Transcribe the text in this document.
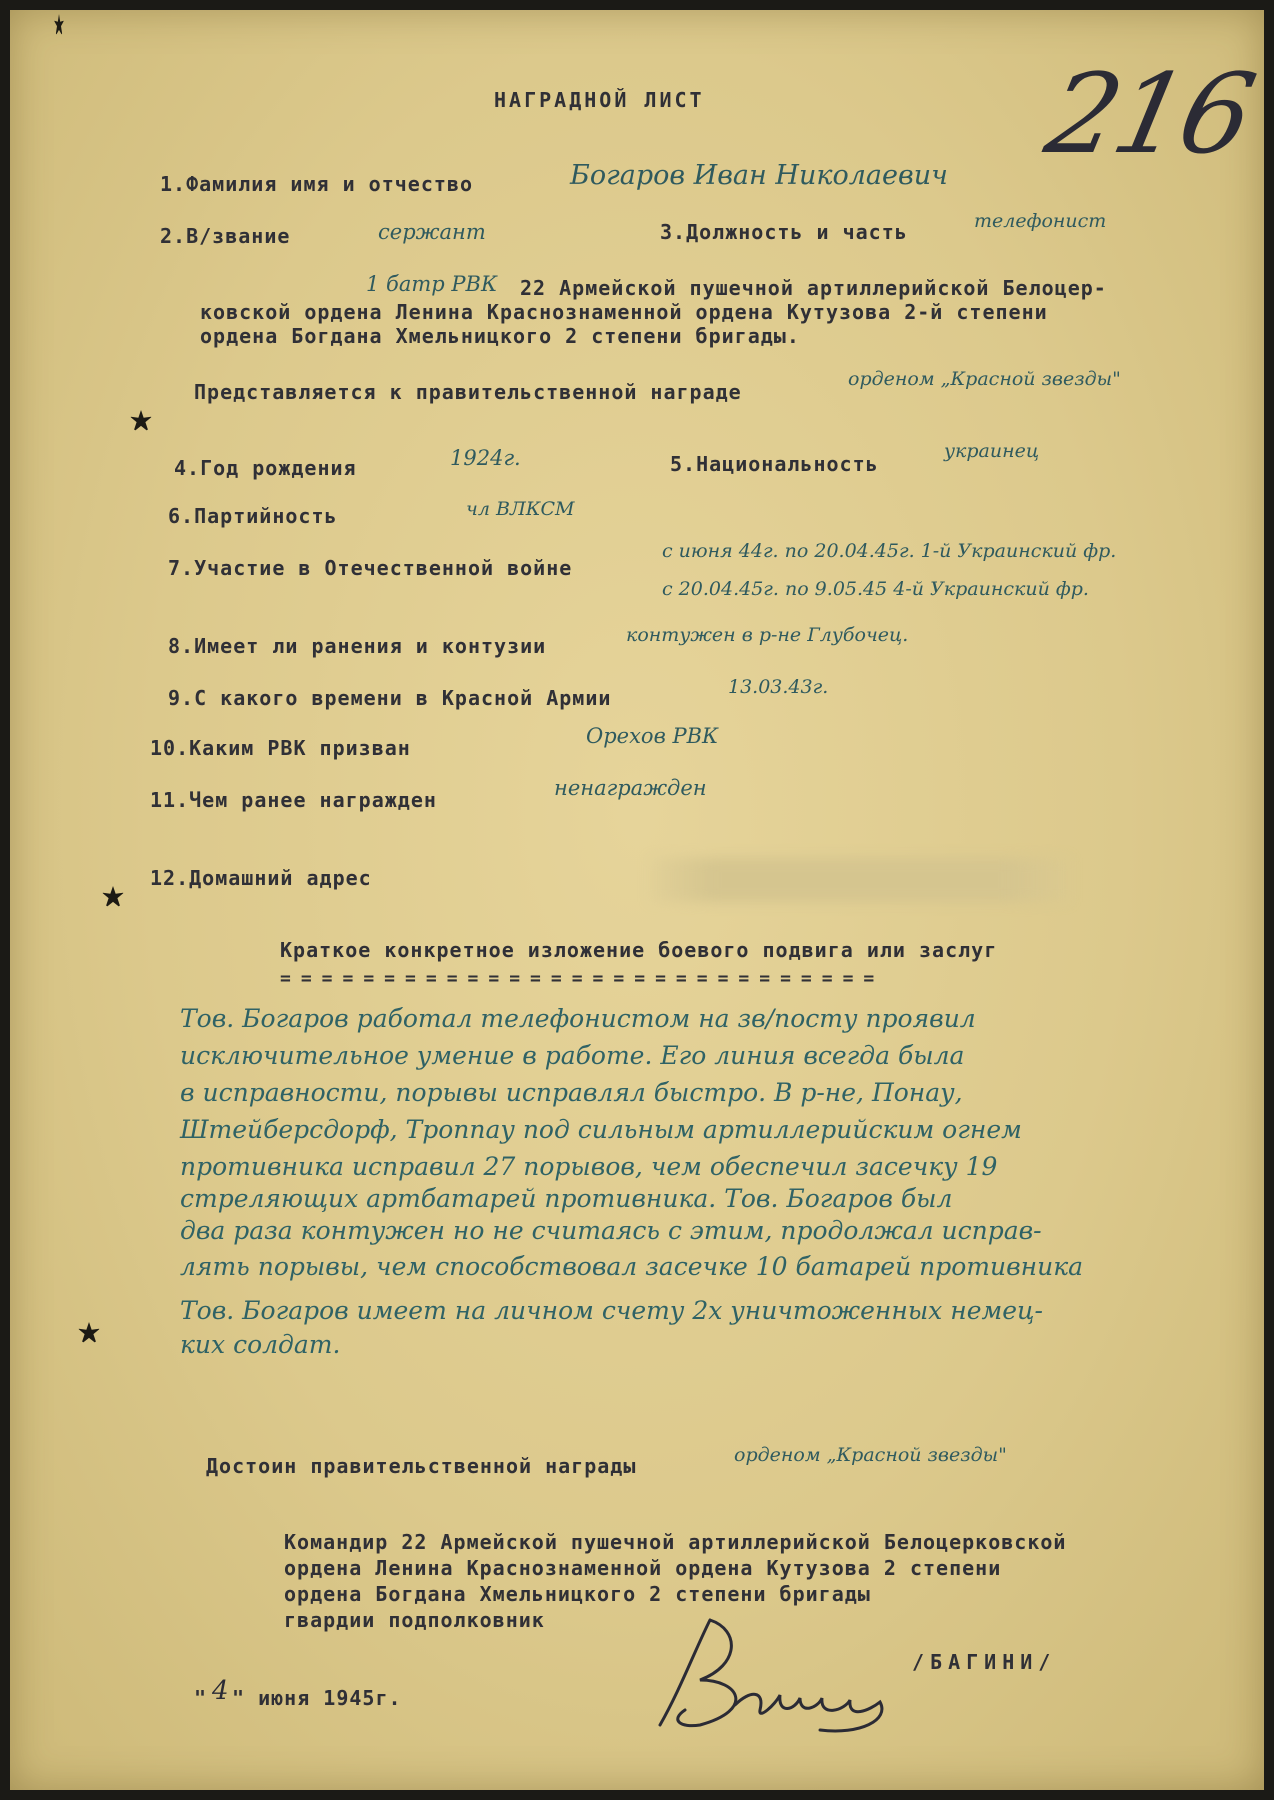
216
НАГРАДНОЙ ЛИСТ
1.Фамилия имя и отчество	Богаров Иван Николаевич
2.В/звание	сержант	3.Должность и часть	телефонист
1 батр РВК 22 Армейской пушечной артиллерийской Белоцер-
ковской ордена Ленина Краснознаменной ордена Кутузова 2-й степени
ордена Богдана Хмельницкого 2 степени бригады.
Представляется к правительственной награде
орденом „Красной звезды"
4.Год рождения	1924г.	5.Национальность
украинец
6.Партийность	чл ВЛКСМ
7.Участие в Отечественной войне
с июня 44г. по 20.04.45г. 1-й Украинский фр.
с 20.04.45г. по 9.05.45 4-й Украинский фр.
8.Имеет ли ранения и контузии	контужен в р-не Глубочец.
9.С какого времени в Красной Армии	13.03.43г.
10.Каким РВК призван	Орехов РВК
11.Чем ранее награжден	ненагражден
12.Домашний адрес
Краткое конкретное изложение боевого подвига или заслуг
=============================
Тов. Богаров работал телефонистом на зв/посту проявил
исключительное умение в работе. Его линия всегда была
в исправности, порывы исправлял быстро. В р-не, Понау,
Штейберсдорф, Троппау под сильным артиллерийским огнем
противника исправил 27 порывов, чем обеспечил засечку 19
стреляющих артбатарей противника. Тов. Богаров был
два раза контужен но не считаясь с этим, продолжал исправ-
лять порывы, чем способствовал засечке 10 батарей противника
Тов. Богаров имеет на личном счету 2х уничтоженных немец-
ких солдат.
Достоин правительственной награды	орденом „Красной звезды"
Командир 22 Армейской пушечной артиллерийской Белоцерковской
ордена Ленина Краснознаменной ордена Кутузова 2 степени
ордена Богдана Хмельницкого 2 степени бригады
гвардии подполковник
" 4 " июня 1945г.
/БАГИНИ/
